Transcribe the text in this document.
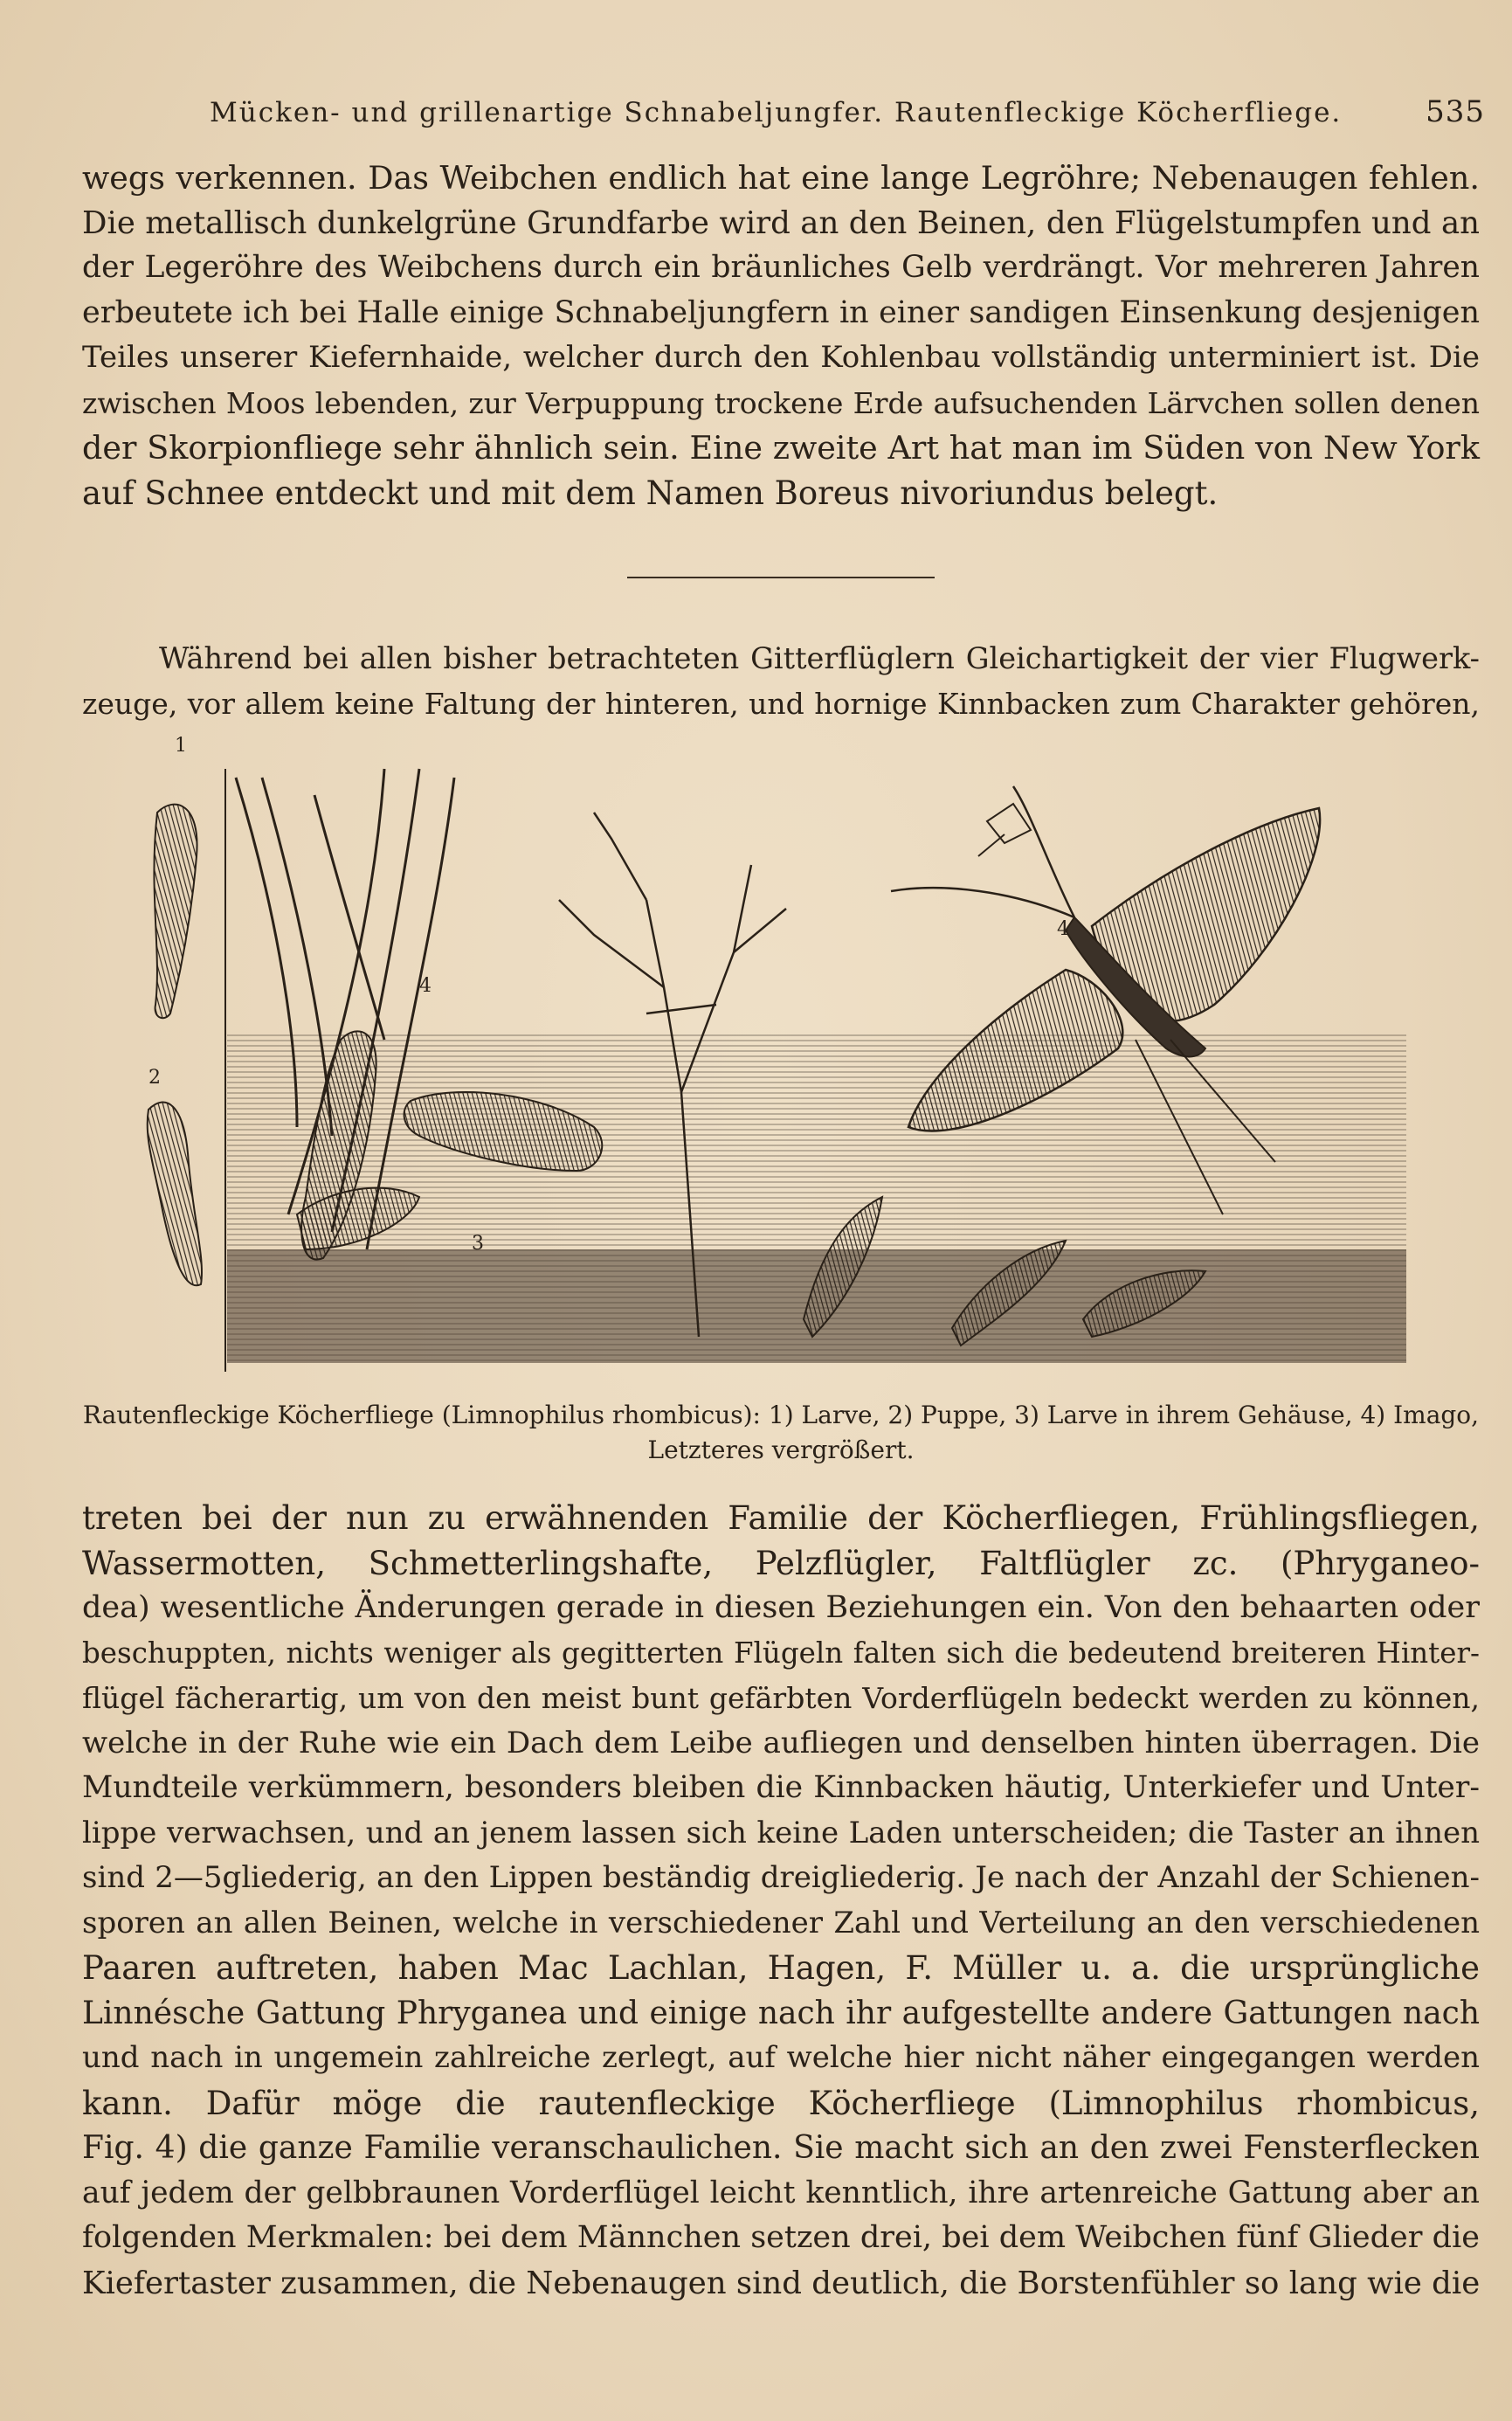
Mücken- und grillenartige Schnabeljungfer. Rautenfleckige Köcherfliege.	535
wegs verkennen. Das Weibchen endlich hat eine lange Legröhre; Nebenaugen fehlen.
Die metallisch dunkelgrüne Grundfarbe wird an den Beinen, den Flügelstumpfen und an
der Legeröhre des Weibchens durch ein bräunliches Gelb verdrängt. Vor mehreren Jahren
erbeutete ich bei Halle einige Schnabeljungfern in einer sandigen Einsenkung desjenigen
Teiles unserer Kiefernhaide, welcher durch den Kohlenbau vollständig unterminiert ist. Die
zwischen Moos lebenden, zur Verpuppung trockene Erde aufsuchenden Lärvchen sollen denen
der Skorpionfliege sehr ähnlich sein. Eine zweite Art hat man im Süden von New York
auf Schnee entdeckt und mit dem Namen Boreus nivoriundus belegt.
Während bei allen bisher betrachteten Gitterflüglern Gleichartigkeit der vier Flugwerk-
zeuge, vor allem keine Faltung der hinteren, und hornige Kinnbacken zum Charakter gehören,
1
2
3
4
4
Rautenfleckige Köcherfliege (Limnophilus rhombicus): 1) Larve, 2) Puppe, 3) Larve in ihrem Gehäuse, 4) Imago,
Letzteres vergrößert.
treten bei der nun zu erwähnenden Familie der Köcherfliegen, Frühlingsfliegen,
Wassermotten, Schmetterlingshafte, Pelzflügler, Faltflügler zc. (Phryganeo-
dea) wesentliche Änderungen gerade in diesen Beziehungen ein. Von den behaarten oder
beschuppten, nichts weniger als gegitterten Flügeln falten sich die bedeutend breiteren Hinter-
flügel fächerartig, um von den meist bunt gefärbten Vorderflügeln bedeckt werden zu können,
welche in der Ruhe wie ein Dach dem Leibe aufliegen und denselben hinten überragen. Die
Mundteile verkümmern, besonders bleiben die Kinnbacken häutig, Unterkiefer und Unter-
lippe verwachsen, und an jenem lassen sich keine Laden unterscheiden; die Taster an ihnen
sind 2—5gliederig, an den Lippen beständig dreigliederig. Je nach der Anzahl der Schienen-
sporen an allen Beinen, welche in verschiedener Zahl und Verteilung an den verschiedenen
Paaren auftreten, haben Mac Lachlan, Hagen, F. Müller u. a. die ursprüngliche
Linnésche Gattung Phryganea und einige nach ihr aufgestellte andere Gattungen nach
und nach in ungemein zahlreiche zerlegt, auf welche hier nicht näher eingegangen werden
kann. Dafür möge die rautenfleckige Köcherfliege (Limnophilus rhombicus,
Fig. 4) die ganze Familie veranschaulichen. Sie macht sich an den zwei Fensterflecken
auf jedem der gelbbraunen Vorderflügel leicht kenntlich, ihre artenreiche Gattung aber an
folgenden Merkmalen: bei dem Männchen setzen drei, bei dem Weibchen fünf Glieder die
Kiefertaster zusammen, die Nebenaugen sind deutlich, die Borstenfühler so lang wie die
